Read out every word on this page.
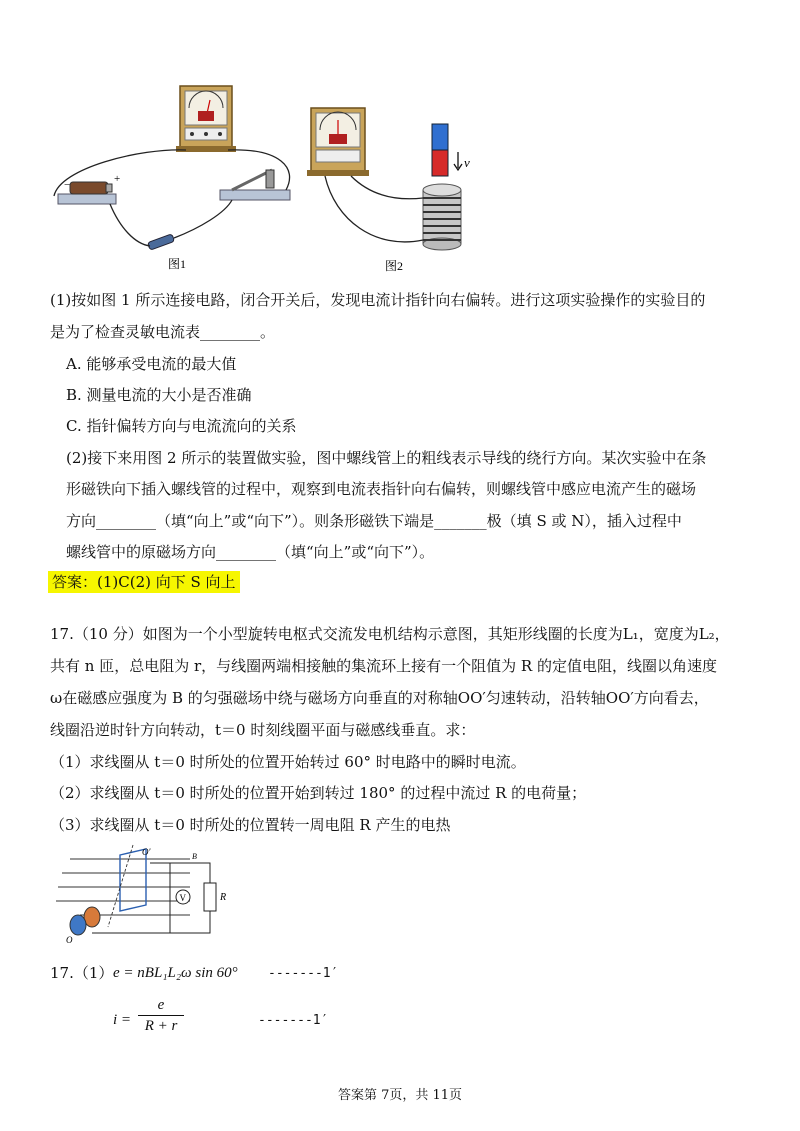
−	+
图1
v
图2
(1)按如图 1 所示连接电路，闭合开关后，发现电流计指针向右偏转。进行这项实验操作的实验目的
是为了检查灵敏电流表________。
A. 能够承受电流的最大值
B. 测量电流的大小是否准确
C. 指针偏转方向与电流流向的关系
(2)接下来用图 2 所示的装置做实验，图中螺线管上的粗线表示导线的绕行方向。某次实验中在条
形磁铁向下插入螺线管的过程中，观察到电流表指针向右偏转，则螺线管中感应电流产生的磁场
方向________（填“向上”或“向下”）。则条形磁铁下端是_______极（填 S 或 N），插入过程中
螺线管中的原磁场方向________（填“向上”或“向下”）。
答案：(1)C(2) 向下 S 向上
17.（10 分）如图为一个小型旋转电枢式交流发电机结构示意图，其矩形线圈的长度为L₁，宽度为L₂，
共有 n 匝，总电阻为 r，与线圈两端相接触的集流环上接有一个阻值为 R 的定值电阻，线圈以角速度
ω在磁感应强度为 B 的匀强磁场中绕与磁场方向垂直的对称轴OO′匀速转动，沿转轴OO′方向看去，
线圈沿逆时针方向转动，t＝0 时刻线圈平面与磁感线垂直。求：
（1）求线圈从 t＝0 时所处的位置开始转过 60° 时电路中的瞬时电流。
（2）求线圈从 t＝0 时所处的位置开始到转过 180° 的过程中流过 R 的电荷量；
（3）求线圈从 t＝0 时所处的位置转一周电阻 R 产生的电热
V	R
O′
O
B
17.（1） e = nBL₁L₂ω sin 60° -------1′
i =
e
R + r	-------1′
答案第 7页，共 11页
